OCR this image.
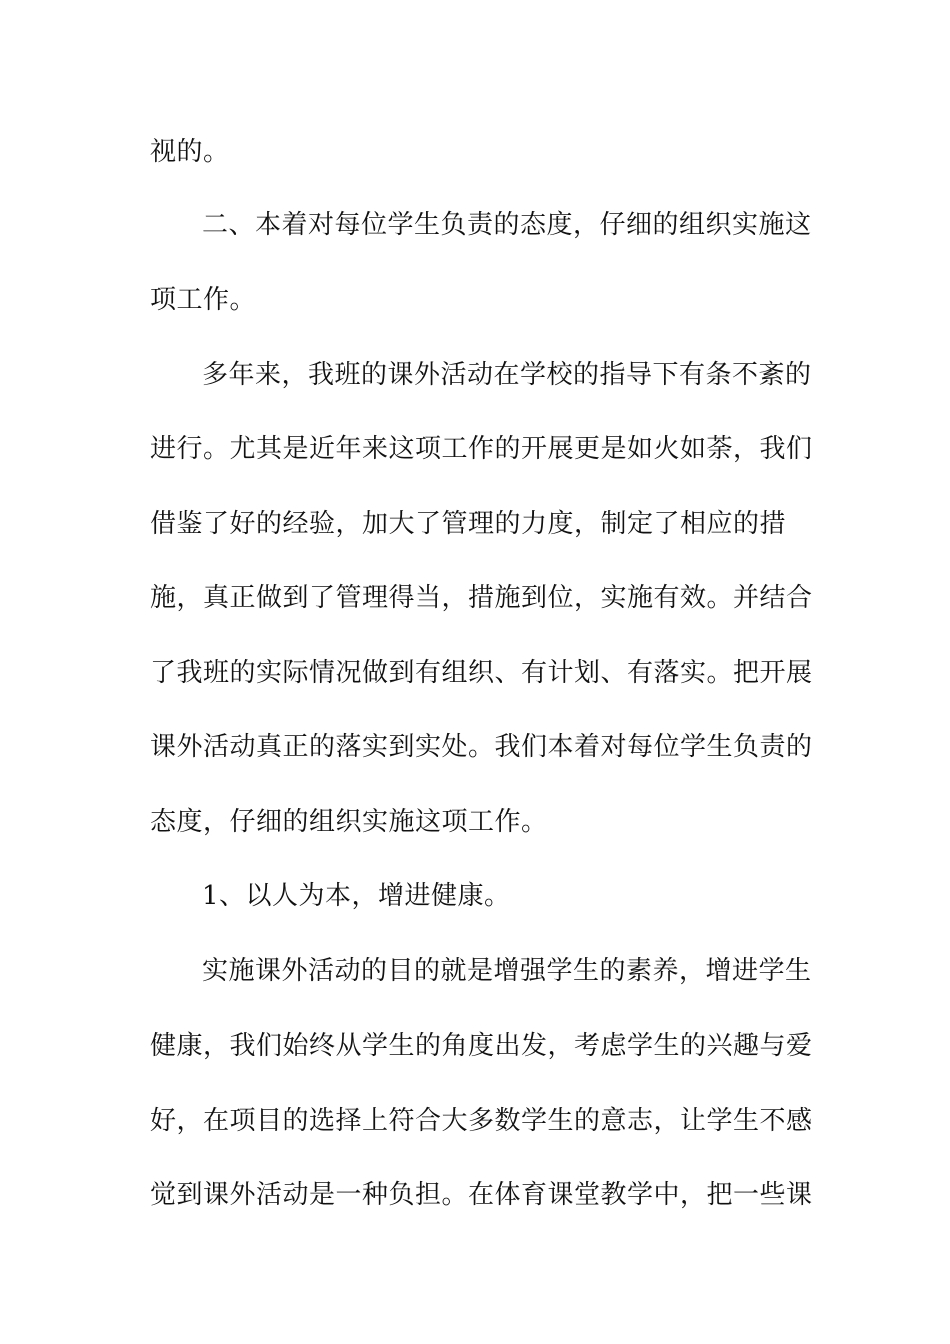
视的。
二、本着对每位学生负责的态度，仔细的组织实施这
项工作。
多年来，我班的课外活动在学校的指导下有条不紊的
进行。尤其是近年来这项工作的开展更是如火如荼，我们
借鉴了好的经验，加大了管理的力度，制定了相应的措
施，真正做到了管理得当，措施到位，实施有效。并结合
了我班的实际情况做到有组织、有计划、有落实。把开展
课外活动真正的落实到实处。我们本着对每位学生负责的
态度，仔细的组织实施这项工作。
1、以人为本，增进健康。
实施课外活动的目的就是增强学生的素养，增进学生
健康，我们始终从学生的角度出发，考虑学生的兴趣与爱
好，在项目的选择上符合大多数学生的意志，让学生不感
觉到课外活动是一种负担。在体育课堂教学中，把一些课
